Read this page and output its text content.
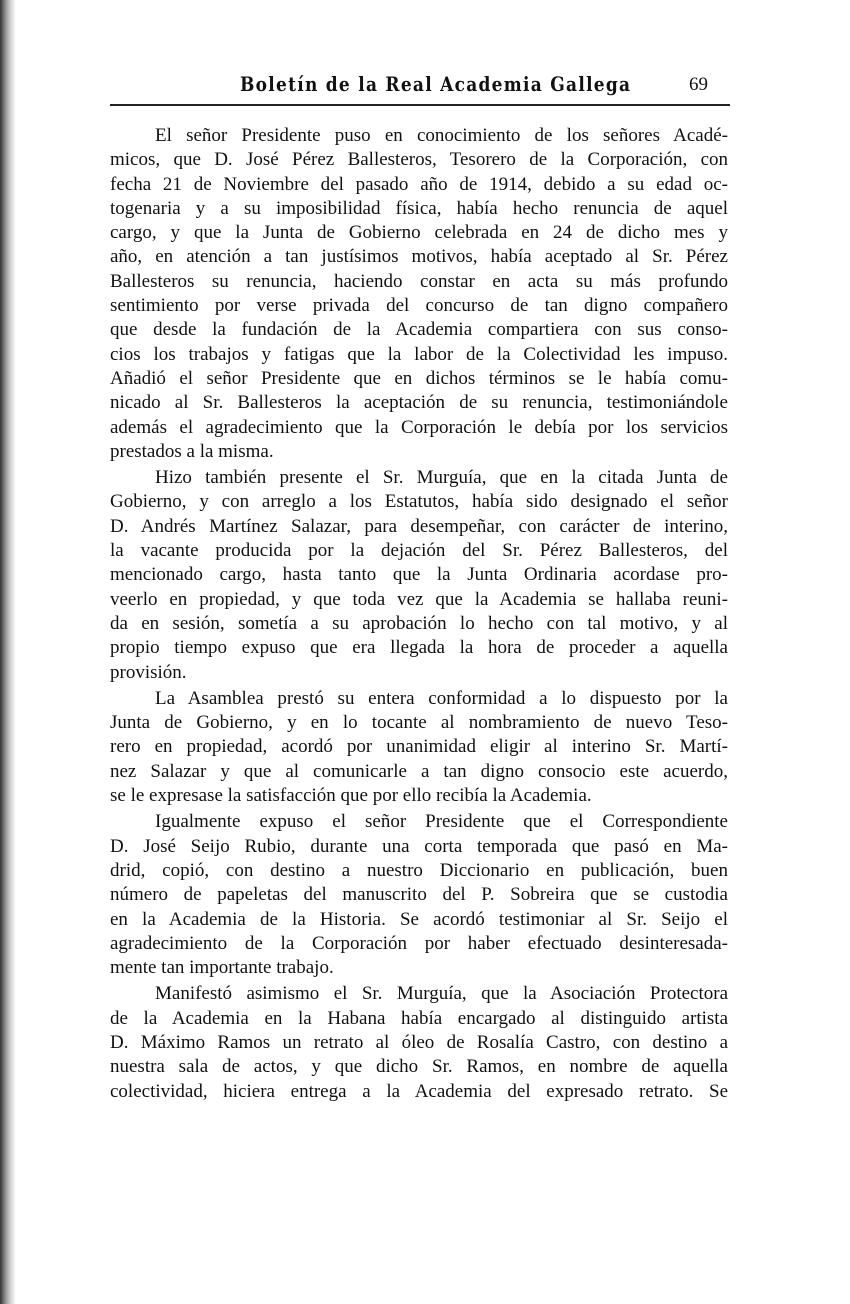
Boletín de la Real Academia Gallega	69
El señor Presidente puso en conocimiento de los señores Acadé-
micos, que D. José Pérez Ballesteros, Tesorero de la Corporación, con
fecha 21 de Noviembre del pasado año de 1914, debido a su edad oc-
togenaria y a su imposibilidad física, había hecho renuncia de aquel
cargo, y que la Junta de Gobierno celebrada en 24 de dicho mes y
año, en atención a tan justísimos motivos, había aceptado al Sr. Pérez
Ballesteros su renuncia, haciendo constar en acta su más profundo
sentimiento por verse privada del concurso de tan digno compañero
que desde la fundación de la Academia compartiera con sus conso-
cios los trabajos y fatigas que la labor de la Colectividad les impuso.
Añadió el señor Presidente que en dichos términos se le había comu-
nicado al Sr. Ballesteros la aceptación de su renuncia, testimoniándole
además el agradecimiento que la Corporación le debía por los servicios
prestados a la misma.
Hizo también presente el Sr. Murguía, que en la citada Junta de
Gobierno, y con arreglo a los Estatutos, había sido designado el señor
D. Andrés Martínez Salazar, para desempeñar, con carácter de interino,
la vacante producida por la dejación del Sr. Pérez Ballesteros, del
mencionado cargo, hasta tanto que la Junta Ordinaria acordase pro-
veerlo en propiedad, y que toda vez que la Academia se hallaba reuni-
da en sesión, sometía a su aprobación lo hecho con tal motivo, y al
propio tiempo expuso que era llegada la hora de proceder a aquella
provisión.
La Asamblea prestó su entera conformidad a lo dispuesto por la
Junta de Gobierno, y en lo tocante al nombramiento de nuevo Teso-
rero en propiedad, acordó por unanimidad eligir al interino Sr. Martí-
nez Salazar y que al comunicarle a tan digno consocio este acuerdo,
se le expresase la satisfacción que por ello recibía la Academia.
Igualmente expuso el señor Presidente que el Correspondiente
D. José Seijo Rubio, durante una corta temporada que pasó en Ma-
drid, copió, con destino a nuestro Diccionario en publicación, buen
número de papeletas del manuscrito del P. Sobreira que se custodia
en la Academia de la Historia. Se acordó testimoniar al Sr. Seijo el
agradecimiento de la Corporación por haber efectuado desinteresada-
mente tan importante trabajo.
Manifestó asimismo el Sr. Murguía, que la Asociación Protectora
de la Academia en la Habana había encargado al distinguido artista
D. Máximo Ramos un retrato al óleo de Rosalía Castro, con destino a
nuestra sala de actos, y que dicho Sr. Ramos, en nombre de aquella
colectividad, hiciera entrega a la Academia del expresado retrato. Se
